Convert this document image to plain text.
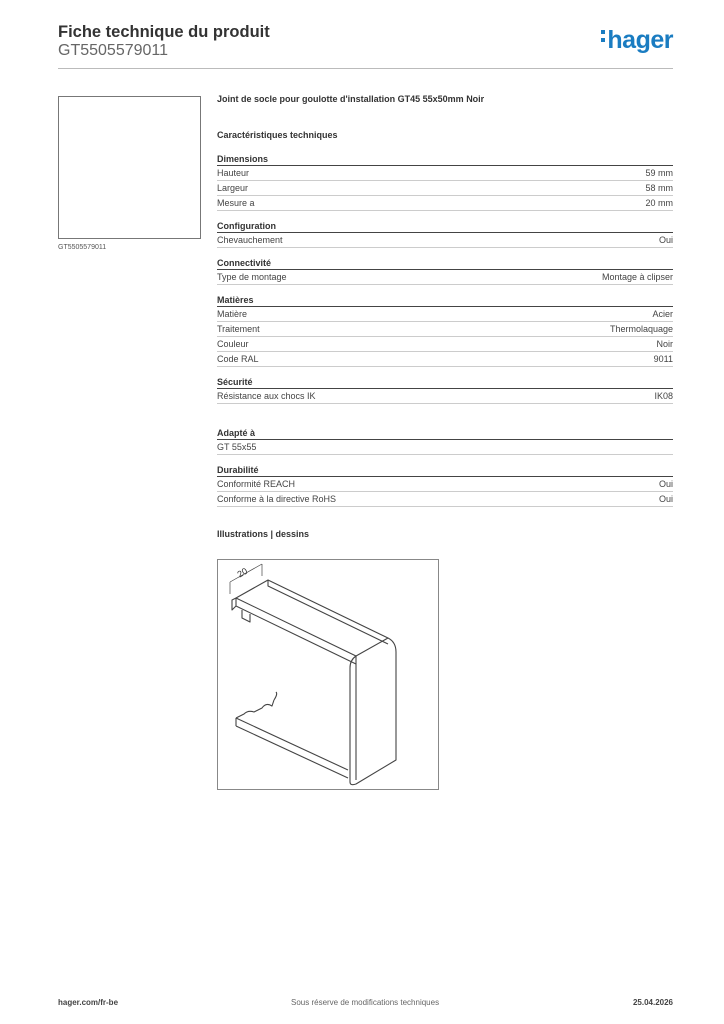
Fiche technique du produit
GT5505579011	hager
GT5505579011
Joint de socle pour goulotte d'installation GT45 55x50mm Noir
Caractéristiques techniques
Dimensions
Hauteur	59 mm
Largeur	58 mm
Mesure a	20 mm
Configuration
Chevauchement	Oui
Connectivité
Type de montage	Montage à clipser
Matières
Matière	Acier
Traitement	Thermolaquage
Couleur	Noir
Code RAL	9011
Sécurité
Résistance aux chocs IK	IK08
Adapté à
GT 55x55
Durabilité
Conformité REACH	Oui
Conforme à la directive RoHS	Oui
Illustrations | dessins
20
hager.com/fr-be	Sous réserve de modifications techniques	25.04.2026
